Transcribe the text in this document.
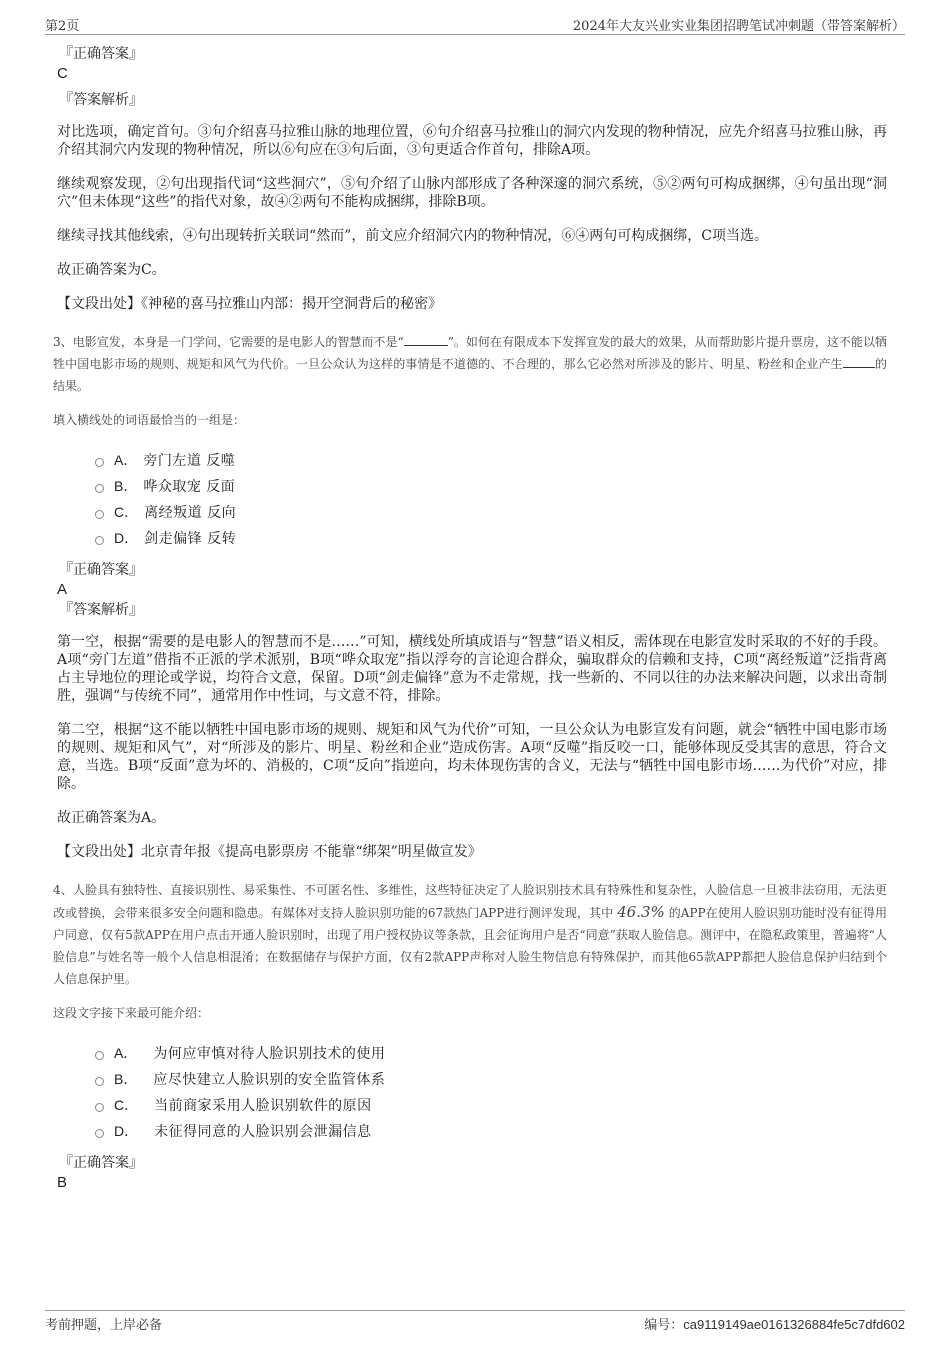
第2页	2024年大友兴业实业集团招聘笔试冲刺题（带答案解析）
『正确答案』
C
『答案解析』

对比选项，确定首句。③句介绍喜马拉雅山脉的地理位置，⑥句介绍喜马拉雅山的洞穴内发现的物种情况，应先介绍喜马拉雅山脉，再介绍其洞穴内发现的物种情况，所以⑥句应在③句后面，③句更适合作首句，排除A项。

继续观察发现，②句出现指代词“这些洞穴”，⑤句介绍了山脉内部形成了各种深邃的洞穴系统，⑤②两句可构成捆绑，④句虽出现“洞穴”但未体现“这些”的指代对象，故④②两句不能构成捆绑，排除B项。

继续寻找其他线索，④句出现转折关联词“然而”，前文应介绍洞穴内的物种情况，⑥④两句可构成捆绑，C项当选。

故正确答案为C。

【文段出处】《神秘的喜马拉雅山内部：揭开空洞背后的秘密》

3、电影宣发，本身是一门学问，它需要的是电影人的智慧而不是“	”。如何在有限成本下发挥宣发的最大的效果，从而帮助影片提升票房，这不能以牺牲中国电影市场的规则、规矩和风气为代价。一旦公众认为这样的事情是不道德的、不合理的，那么它必然对所涉及的影片、明星、粉丝和企业产生	的结果。

填入横线处的词语最恰当的一组是：

A． 旁门左道 反噬
B． 哗众取宠 反面
C． 离经叛道 反向
D． 剑走偏锋 反转
『正确答案』
A
『答案解析』

第一空，根据“需要的是电影人的智慧而不是……”可知，横线处所填成语与“智慧”语义相反，需体现在电影宣发时采取的不好的手段。A项“旁门左道”借指不正派的学术派别，B项“哗众取宠”指以浮夸的言论迎合群众，骗取群众的信赖和支持，C项“离经叛道”泛指背离占主导地位的理论或学说，均符合文意，保留。D项“剑走偏锋”意为不走常规，找一些新的、不同以往的办法来解决问题，以求出奇制胜，强调“与传统不同”，通常用作中性词，与文意不符，排除。

第二空，根据“这不能以牺牲中国电影市场的规则、规矩和风气为代价”可知，一旦公众认为电影宣发有问题，就会“牺牲中国电影市场的规则、规矩和风气”，对“所涉及的影片、明星、粉丝和企业”造成伤害。A项“反噬”指反咬一口，能够体现反受其害的意思，符合文意，当选。B项“反面”意为坏的、消极的，C项“反向”指逆向，均未体现伤害的含义，无法与“牺牲中国电影市场……为代价”对应，排除。

故正确答案为A。

【文段出处】北京青年报《提高电影票房 不能靠“绑架”明星做宣发》

4、人脸具有独特性、直接识别性、易采集性、不可匿名性、多维性，这些特征决定了人脸识别技术具有特殊性和复杂性，人脸信息一旦被非法窃用，无法更改或替换，会带来很多安全问题和隐患。有媒体对支持人脸识别功能的67款热门APP进行测评发现，其中 46.3% 的APP在使用人脸识别功能时没有征得用户同意，仅有5款APP在用户点击开通人脸识别时，出现了用户授权协议等条款，且会征询用户是否“同意”获取人脸信息。测评中，在隐私政策里，普遍将“人脸信息”与姓名等一般个人信息相混淆；在数据储存与保护方面，仅有2款APP声称对人脸生物信息有特殊保护，而其他65款APP都把人脸信息保护归结到个人信息保护里。

这段文字接下来最可能介绍：

A． 为何应审慎对待人脸识别技术的使用
B． 应尽快建立人脸识别的安全监管体系
C． 当前商家采用人脸识别软件的原因
D． 未征得同意的人脸识别会泄漏信息
『正确答案』
B
考前押题，上岸必备	编号：ca9119149ae0161326884fe5c7dfd602
